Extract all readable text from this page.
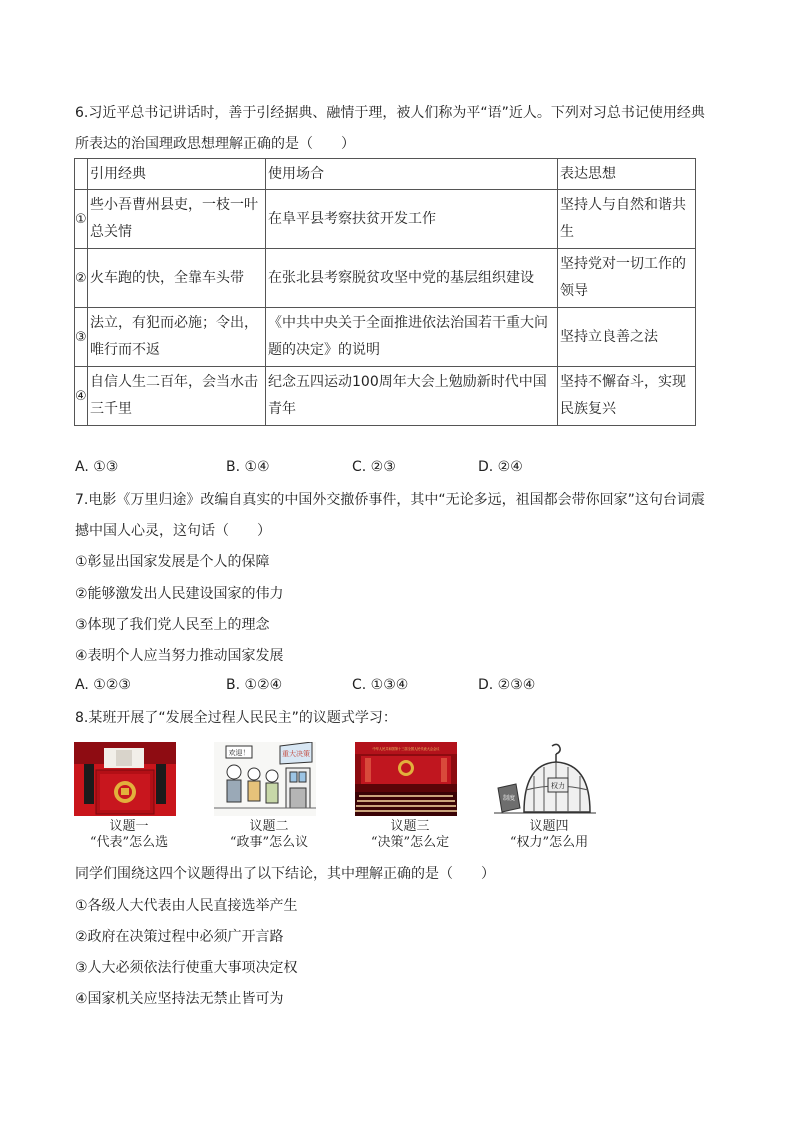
6.习近平总书记讲话时，善于引经据典、融情于理，被人们称为平“语”近人。下列对习总书记使用经典
所表达的治国理政思想理解正确的是（　　）
	引用经典	使用场合	表达思想
①	些小吾曹州县吏，一枝一叶总关情	在阜平县考察扶贫开发工作	坚持人与自然和谐共生
②	火车跑的快，全靠车头带	在张北县考察脱贫攻坚中党的基层组织建设	坚持党对一切工作的领导
③	法立，有犯而必施；令出，唯行而不返	《中共中央关于全面推进依法治国若干重大问题的决定》的说明	坚持立良善之法
④	自信人生二百年，会当水击三千里	纪念五四运动100周年大会上勉励新时代中国青年	坚持不懈奋斗，实现民族复兴
A. ①③	B. ①④	C. ②③	D. ②④
7.电影《万里归途》改编自真实的中国外交撤侨事件，其中“无论多远，祖国都会带你回家”这句台词震
撼中国人心灵，这句话（　　）
①彰显出国家发展是个人的保障
②能够激发出人民建设国家的伟力
③体现了我们党人民至上的理念
④表明个人应当努力推动国家发展
A. ①②③	B. ①②④	C. ①③④	D. ②③④
8.某班开展了“发展全过程人民民主”的议题式学习：
议题一
“代表”怎么选
欢迎！	重大决策
议题二
“政事”怎么议
中华人民共和国第十三届全国人民代表大会会议
议题三
“决策”怎么定
权力
制度
议题四
“权力”怎么用
同学们围绕这四个议题得出了以下结论，其中理解正确的是（　　）
①各级人大代表由人民直接选举产生
②政府在决策过程中必须广开言路
③人大必须依法行使重大事项决定权
④国家机关应坚持法无禁止皆可为
